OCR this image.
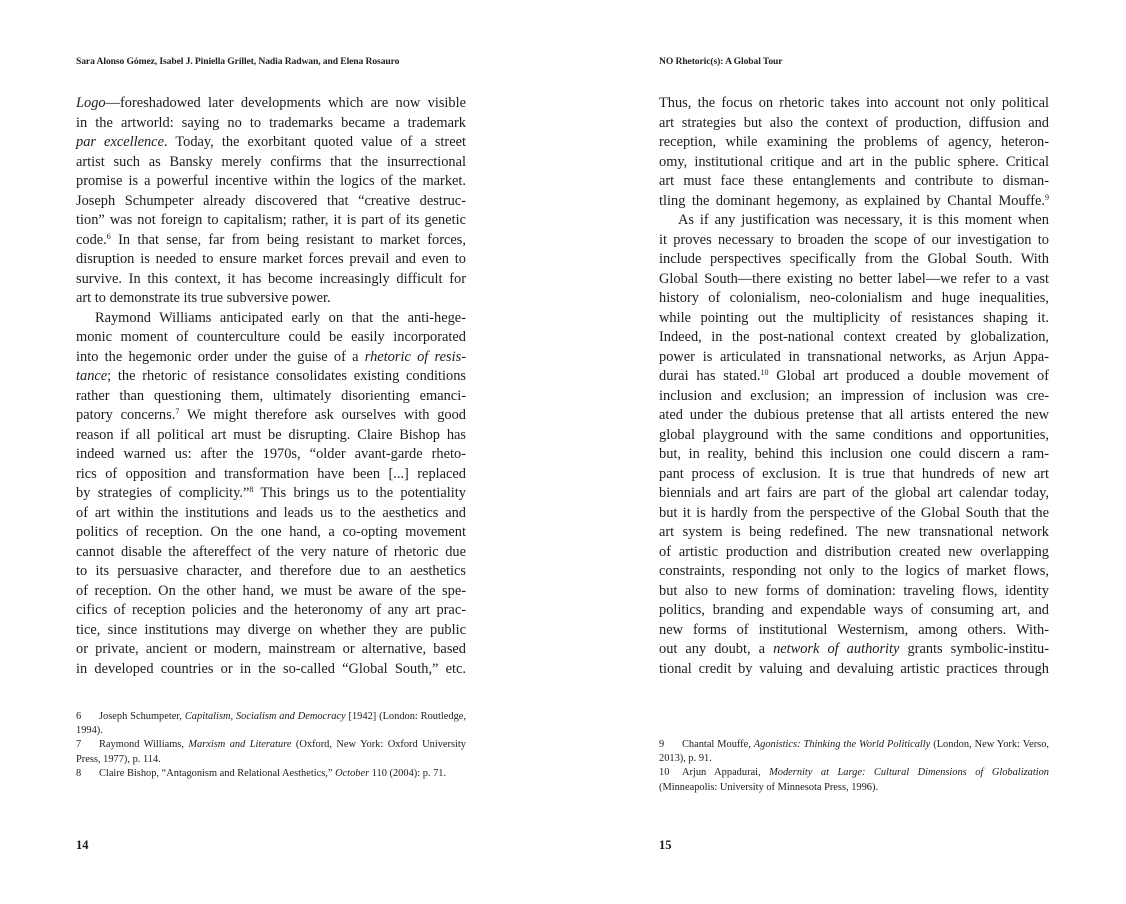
Sara Alonso Gómez, Isabel J. Piniella Grillet, Nadia Radwan, and Elena Rosauro
Logo—foreshadowed later developments which are now visible
in the artworld: saying no to trademarks became a trademark
par excellence. Today, the exorbitant quoted value of a street
artist such as Bansky merely confirms that the insurrectional
promise is a powerful incentive within the logics of the market.
Joseph Schumpeter already discovered that “creative destruc-
tion” was not foreign to capitalism; rather, it is part of its genetic
code.$^6$ In that sense, far from being resistant to market forces,
disruption is needed to ensure market forces prevail and even to
survive. In this context, it has become increasingly difficult for
art to demonstrate its true subversive power.
Raymond Williams anticipated early on that the anti-hege-
monic moment of counterculture could be easily incorporated
into the hegemonic order under the guise of a rhetoric of resis-
tance; the rhetoric of resistance consolidates existing conditions
rather than questioning them, ultimately disorienting emanci-
patory concerns.$^7$ We might therefore ask ourselves with good
reason if all political art must be disrupting. Claire Bishop has
indeed warned us: after the 1970s, “older avant-garde rheto-
rics of opposition and transformation have been [...] replaced
by strategies of complicity.”$^8$ This brings us to the potentiality
of art within the institutions and leads us to the aesthetics and
politics of reception. On the one hand, a co-opting movement
cannot disable the aftereffect of the very nature of rhetoric due
to its persuasive character, and therefore due to an aesthetics
of reception. On the other hand, we must be aware of the spe-
cifics of reception policies and the heteronomy of any art prac-
tice, since institutions may diverge on whether they are public
or private, ancient or modern, mainstream or alternative, based
in developed countries or in the so-called “Global South,” etc.
6 Joseph Schumpeter, Capitalism, Socialism and Democracy [1942] (London: Routledge, 1994).
7 Raymond Williams, Marxism and Literature (Oxford, New York: Oxford University Press, 1977), p. 114.
8 Claire Bishop, “Antagonism and Relational Aesthetics,” October 110 (2004): p. 71.
14
NO Rhetoric(s): A Global Tour
Thus, the focus on rhetoric takes into account not only political
art strategies but also the context of production, diffusion and
reception, while examining the problems of agency, heteron-
omy, institutional critique and art in the public sphere. Critical
art must face these entanglements and contribute to disman-
tling the dominant hegemony, as explained by Chantal Mouffe.$^9$
As if any justification was necessary, it is this moment when
it proves necessary to broaden the scope of our investigation to
include perspectives specifically from the Global South. With
Global South—there existing no better label—we refer to a vast
history of colonialism, neo-colonialism and huge inequalities,
while pointing out the multiplicity of resistances shaping it.
Indeed, in the post-national context created by globalization,
power is articulated in transnational networks, as Arjun Appa-
durai has stated.$^{10}$ Global art produced a double movement of
inclusion and exclusion; an impression of inclusion was cre-
ated under the dubious pretense that all artists entered the new
global playground with the same conditions and opportunities,
but, in reality, behind this inclusion one could discern a ram-
pant process of exclusion. It is true that hundreds of new art
biennials and art fairs are part of the global art calendar today,
but it is hardly from the perspective of the Global South that the
art system is being redefined. The new transnational network
of artistic production and distribution created new overlapping
constraints, responding not only to the logics of market flows,
but also to new forms of domination: traveling flows, identity
politics, branding and expendable ways of consuming art, and
new forms of institutional Westernism, among others. With-
out any doubt, a network of authority grants symbolic-institu-
tional credit by valuing and devaluing artistic practices through
9 Chantal Mouffe, Agonistics: Thinking the World Politically (London, New York: Verso, 2013), p. 91.
10 Arjun Appadurai, Modernity at Large: Cultural Dimensions of Globalization (Minneapolis: University of Minnesota Press, 1996).
15
